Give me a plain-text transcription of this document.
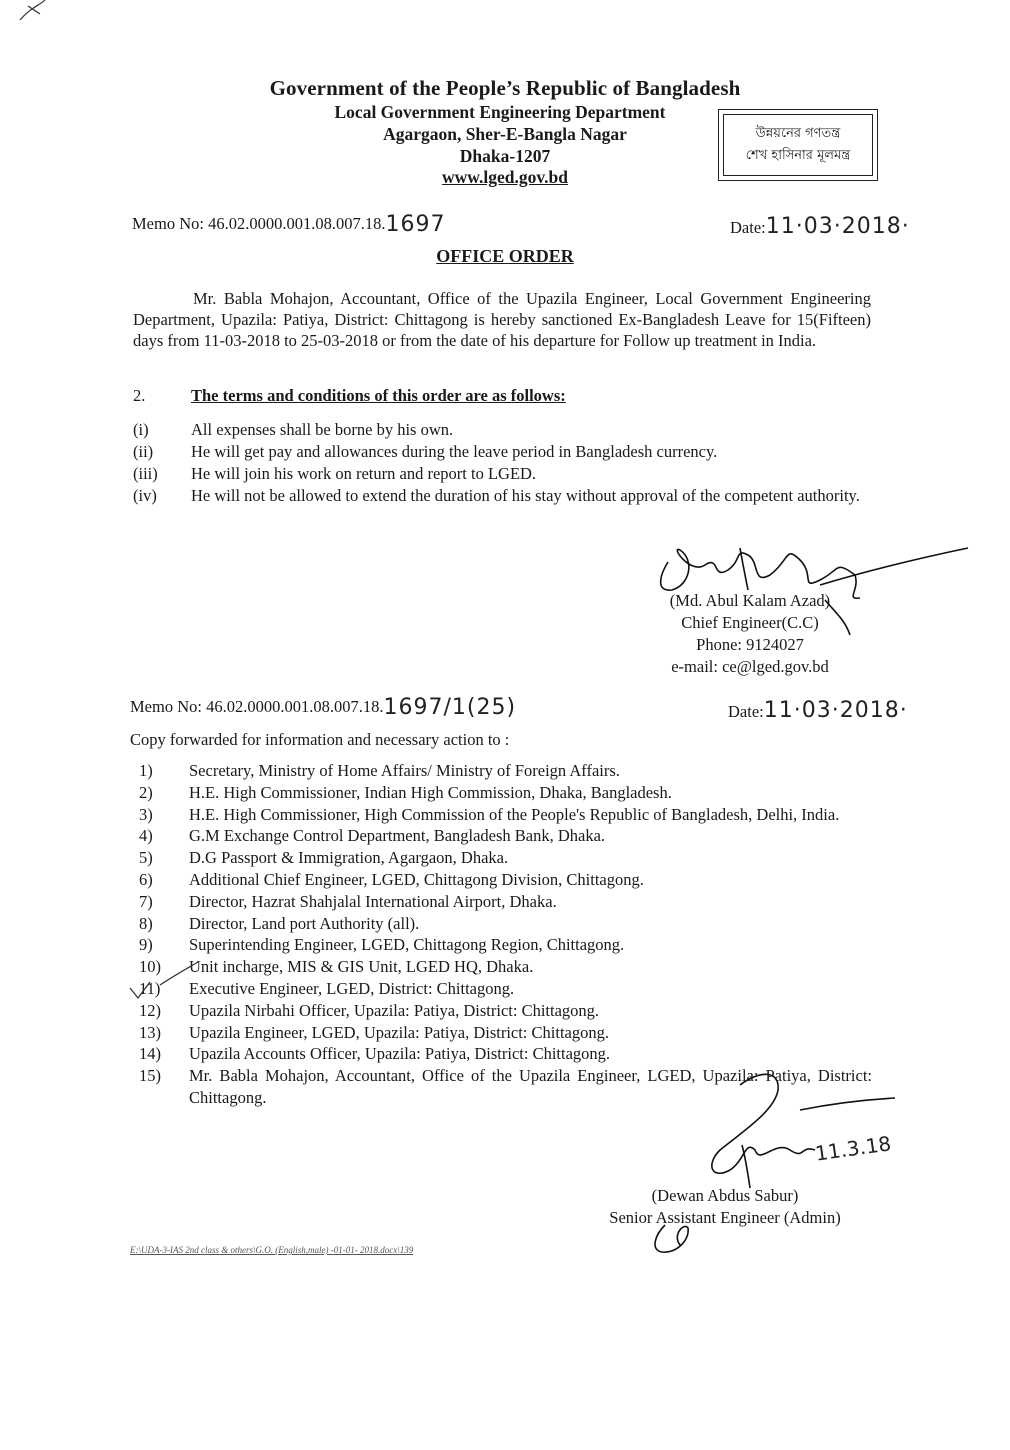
Government of the People’s Republic of Bangladesh
Local Government Engineering Department
Agargaon, Sher-E-Bangla Nagar
Dhaka-1207
www.lged.gov.bd
উন্নয়নের গণতন্ত্র
শেখ হাসিনার মূলমন্ত্র
Memo No: 46.02.0000.001.08.007.18.1697	Date:11·03·2018·
OFFICE ORDER
Mr. Babla Mohajon, Accountant, Office of the Upazila Engineer, Local Government Engineering Department, Upazila: Patiya, District: Chittagong is hereby sanctioned Ex-Bangladesh Leave for 15(Fifteen) days from 11-03-2018 to 25-03-2018 or from the date of his departure for Follow up treatment in India.
2.	The terms and conditions of this order are as follows:
(i)	All expenses shall be borne by his own.
(ii) He will get pay and allowances during the leave period in Bangladesh currency.
(iii) He will join his work on return and report to LGED.
(iv) He will not be allowed to extend the duration of his stay without approval of the competent authority.
(Md. Abul Kalam Azad)
Chief Engineer(C.C)
Phone: 9124027
e-mail: ce@lged.gov.bd
Memo No: 46.02.0000.001.08.007.18.1697/1(25)	Date:11·03·2018·
Copy forwarded for information and necessary action to :
1) Secretary, Ministry of Home Affairs/ Ministry of Foreign Affairs.
2) H.E. High Commissioner, Indian High Commission, Dhaka, Bangladesh.
3) H.E. High Commissioner, High Commission of the People's Republic of Bangladesh, Delhi, India.
4) G.M Exchange Control Department, Bangladesh Bank, Dhaka.
5) D.G Passport & Immigration, Agargaon, Dhaka.
6) Additional Chief Engineer, LGED, Chittagong Division, Chittagong.
7) Director, Hazrat Shahjalal International Airport, Dhaka.
8) Director, Land port Authority (all).
9) Superintending Engineer, LGED, Chittagong Region, Chittagong.
10) Unit incharge, MIS & GIS Unit, LGED HQ, Dhaka.
11) Executive Engineer, LGED, District: Chittagong.
12) Upazila Nirbahi Officer, Upazila: Patiya, District: Chittagong.
13) Upazila Engineer, LGED, Upazila: Patiya, District: Chittagong.
14) Upazila Accounts Officer, Upazila: Patiya, District: Chittagong.
15) Mr. Babla Mohajon, Accountant, Office of the Upazila Engineer, LGED, Upazila: Patiya, District: Chittagong.
(Dewan Abdus Sabur)
Senior Assistant Engineer (Admin)
E:\UDA-3-IAS 2nd class & others\G.O. (English,male) -01-01- 2018.docx\139
11.3.18
